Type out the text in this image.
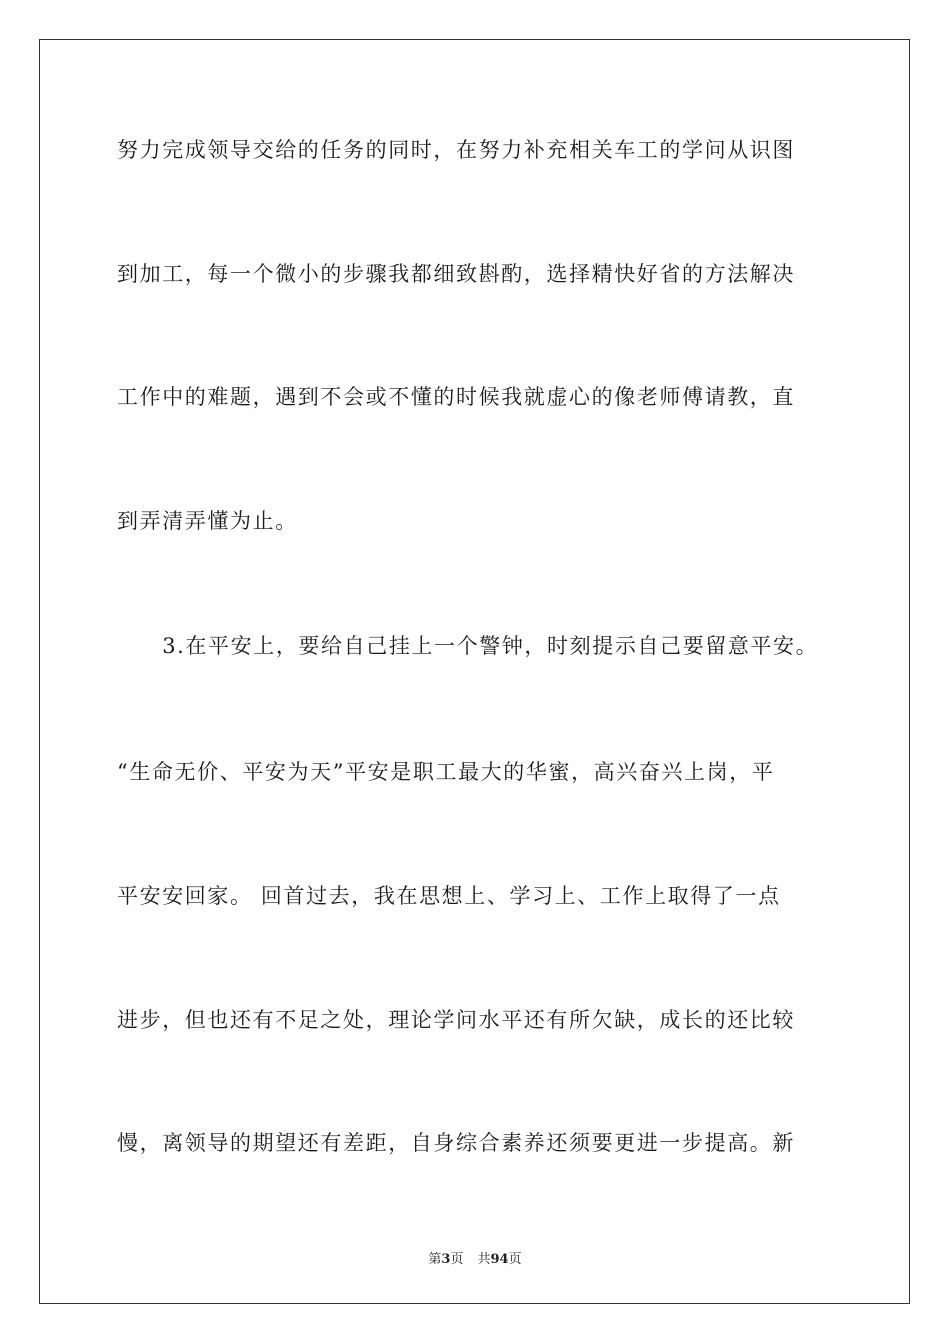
努力完成领导交给的任务的同时，在努力补充相关车工的学问从识图
到加工，每一个微小的步骤我都细致斟酌，选择精快好省的方法解决
工作中的难题，遇到不会或不懂的时候我就虚心的像老师傅请教，直
到弄清弄懂为止。
　　3.在平安上，要给自己挂上一个警钟，时刻提示自己要留意平安。
“生命无价、平安为天”平安是职工最大的华蜜，高兴奋兴上岗，平
平安安回家。 回首过去，我在思想上、学习上、工作上取得了一点
进步，但也还有不足之处，理论学问水平还有所欠缺，成长的还比较
慢，离领导的期望还有差距，自身综合素养还须要更进一步提高。新
第3页 共94页
